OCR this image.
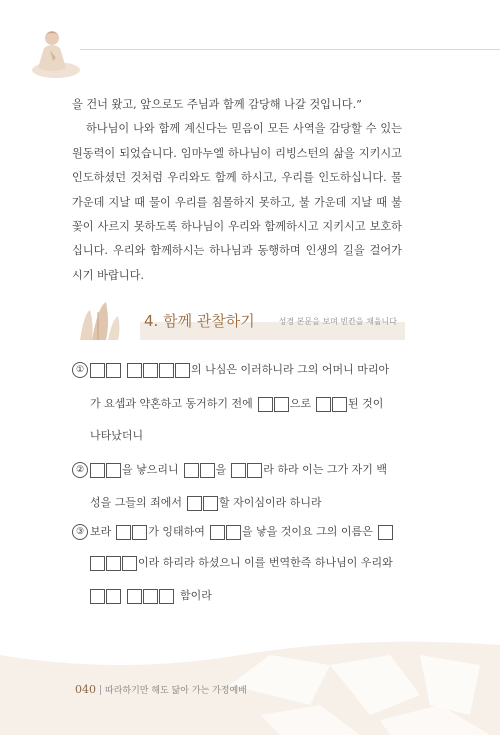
을 건너 왔고, 앞으로도 주님과 함께 감당해 나갈 것입니다.”

하나님이 나와 함께 계신다는 믿음이 모든 사역을 감당할 수 있는 원동력이 되었습니다. 임마누엘 하나님이 리빙스턴의 삶을 지키시고 인도하셨던 것처럼 우리와도 함께 하시고, 우리를 인도하십니다. 물 가운데 지날 때 물이 우리를 침몰하지 못하고, 불 가운데 지날 때 불꽃이 사르지 못하도록 하나님이 우리와 함께하시고 지키시고 보호하십니다. 우리와 함께하시는 하나님과 동행하며 인생의 길을 걸어가시기 바랍니다.

4. 함께 관찰하기	성경 본문을 보며 빈칸을 채웁니다
①	의 나심은 이러하니라 그의 어머니 마리아
가 요셉과 약혼하고 동거하기 전에	으로	된 것이
나타났더니
②	을 낳으리니	을	라 하라 이는 그가 자기 백
성을 그들의 죄에서	할 자이심이라 하니라
③ 보라	가 잉태하여	을 낳을 것이요 그의 이름은
이라 하리라 하셨으니 이를 번역한즉 하나님이 우리와
함이라
040 따라하기만 해도 닮아 가는 가정예배
